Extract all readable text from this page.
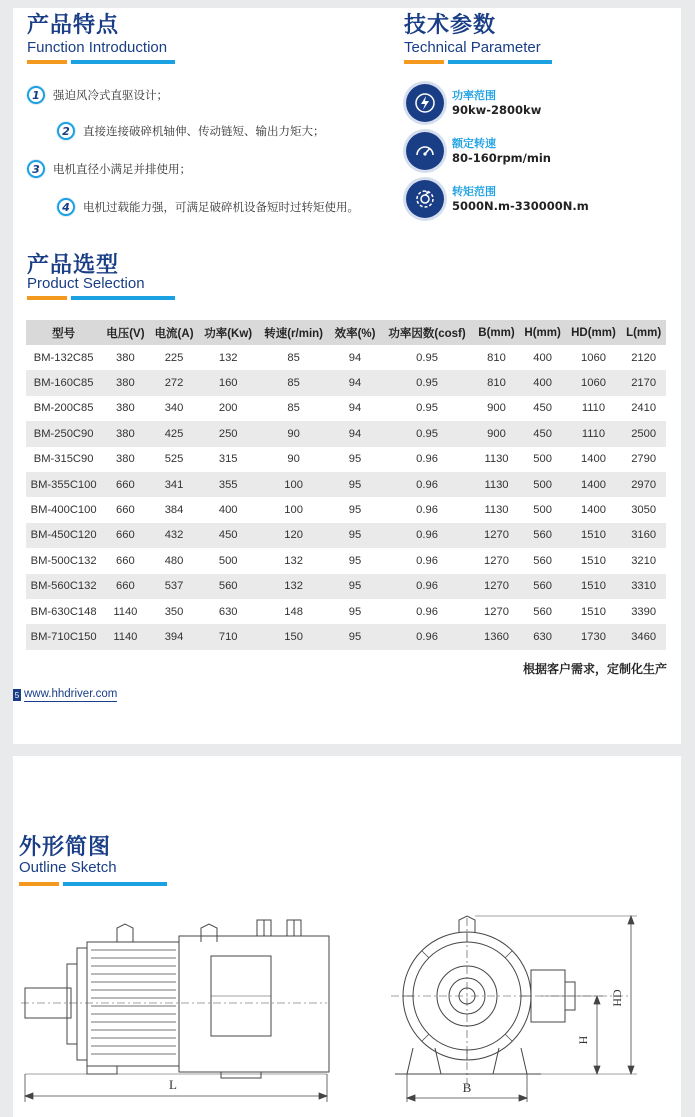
产品特点
Function Introduction
1	强迫风冷式直驱设计；
2	直接连接破碎机轴伸、传动链短、输出力矩大；
3	电机直径小满足并排使用；
4	电机过载能力强，可满足破碎机设备短时过转矩使用。
技术参数
Technical Parameter
功率范围
90kw-2800kw
额定转速
80-160rpm/min
转矩范围
5000N.m-330000N.m
产品选型
Product Selection
型号	电压(V)	电流(A)	功率(Kw)	转速(r/min)	效率(%)	功率因数(cosf)	B(mm)	H(mm)	HD(mm)	L(mm)
BM-132C85	380	225	132	85	94	0.95	810	400	1060	2120
BM-160C85	380	272	160	85	94	0.95	810	400	1060	2170
BM-200C85	380	340	200	85	94	0.95	900	450	1110	2410
BM-250C90	380	425	250	90	94	0.95	900	450	1110	2500
BM-315C90	380	525	315	90	95	0.96	1130	500	1400	2790
BM-355C100	660	341	355	100	95	0.96	1130	500	1400	2970
BM-400C100	660	384	400	100	95	0.96	1130	500	1400	3050
BM-450C120	660	432	450	120	95	0.96	1270	560	1510	3160
BM-500C132	660	480	500	132	95	0.96	1270	560	1510	3210
BM-560C132	660	537	560	132	95	0.96	1270	560	1510	3310
BM-630C148	1140	350	630	148	95	0.96	1270	560	1510	3390
BM-710C150	1140	394	710	150	95	0.96	1360	630	1730	3460
根据客户需求，定制化生产
5 www.hhdriver.com
外形简图
Outline Sketch
L	B
H
HD
